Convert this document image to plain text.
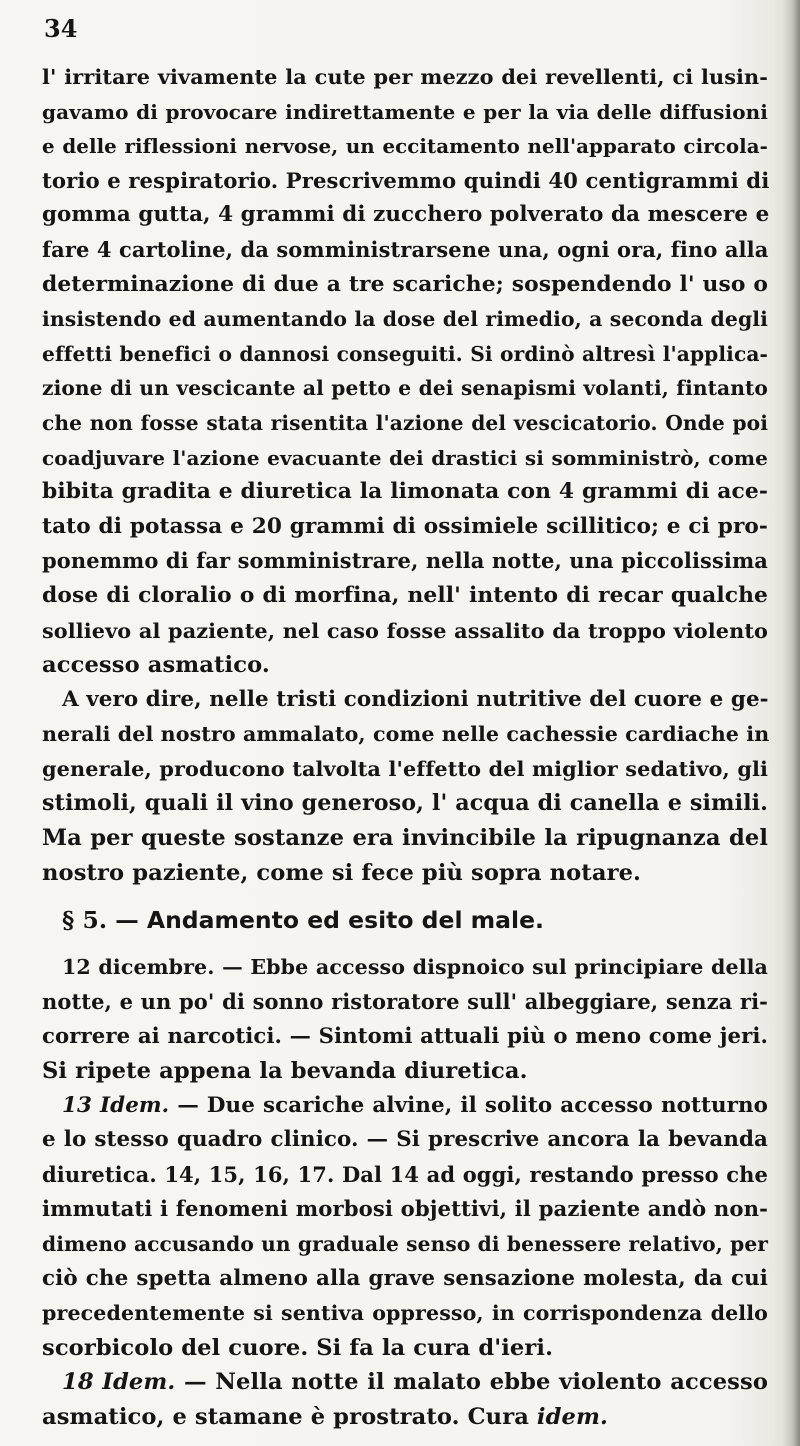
34
l' irritare vivamente la cute per mezzo dei revellenti, ci lusin-
gavamo di provocare indirettamente e per la via delle diffusioni
e delle riflessioni nervose, un eccitamento nell'apparato circola-
torio e respiratorio. Prescrivemmo quindi 40 centigrammi di
gomma gutta, 4 grammi di zucchero polverato da mescere e
fare 4 cartoline, da somministrarsene una, ogni ora, fino alla
determinazione di due a tre scariche; sospendendo l' uso o
insistendo ed aumentando la dose del rimedio, a seconda degli
effetti benefici o dannosi conseguiti. Si ordinò altresì l'applica-
zione di un vescicante al petto e dei senapismi volanti, fintanto
che non fosse stata risentita l'azione del vescicatorio. Onde poi
coadjuvare l'azione evacuante dei drastici si somministrò, come
bibita gradita e diuretica la limonata con 4 grammi di ace-
tato di potassa e 20 grammi di ossimiele scillitico; e ci pro-
ponemmo di far somministrare, nella notte, una piccolissima
dose di cloralio o di morfina, nell' intento di recar qualche
sollievo al paziente, nel caso fosse assalito da troppo violento
accesso asmatico.
A vero dire, nelle tristi condizioni nutritive del cuore e ge-
nerali del nostro ammalato, come nelle cachessie cardiache in
generale, producono talvolta l'effetto del miglior sedativo, gli
stimoli, quali il vino generoso, l' acqua di canella e simili.
Ma per queste sostanze era invincibile la ripugnanza del
nostro paziente, come si fece più sopra notare.
§ 5. — Andamento ed esito del male.
12 dicembre. — Ebbe accesso dispnoico sul principiare della
notte, e un po' di sonno ristoratore sull' albeggiare, senza ri-
correre ai narcotici. — Sintomi attuali più o meno come jeri.
Si ripete appena la bevanda diuretica.
13 Idem. — Due scariche alvine, il solito accesso notturno
e lo stesso quadro clinico. — Si prescrive ancora la bevanda
diuretica. 14, 15, 16, 17. Dal 14 ad oggi, restando presso che
immutati i fenomeni morbosi objettivi, il paziente andò non-
dimeno accusando un graduale senso di benessere relativo, per
ciò che spetta almeno alla grave sensazione molesta, da cui
precedentemente si sentiva oppresso, in corrispondenza dello
scorbicolo del cuore. Si fa la cura d'ieri.
18 Idem. — Nella notte il malato ebbe violento accesso
asmatico, e stamane è prostrato. Cura idem.
